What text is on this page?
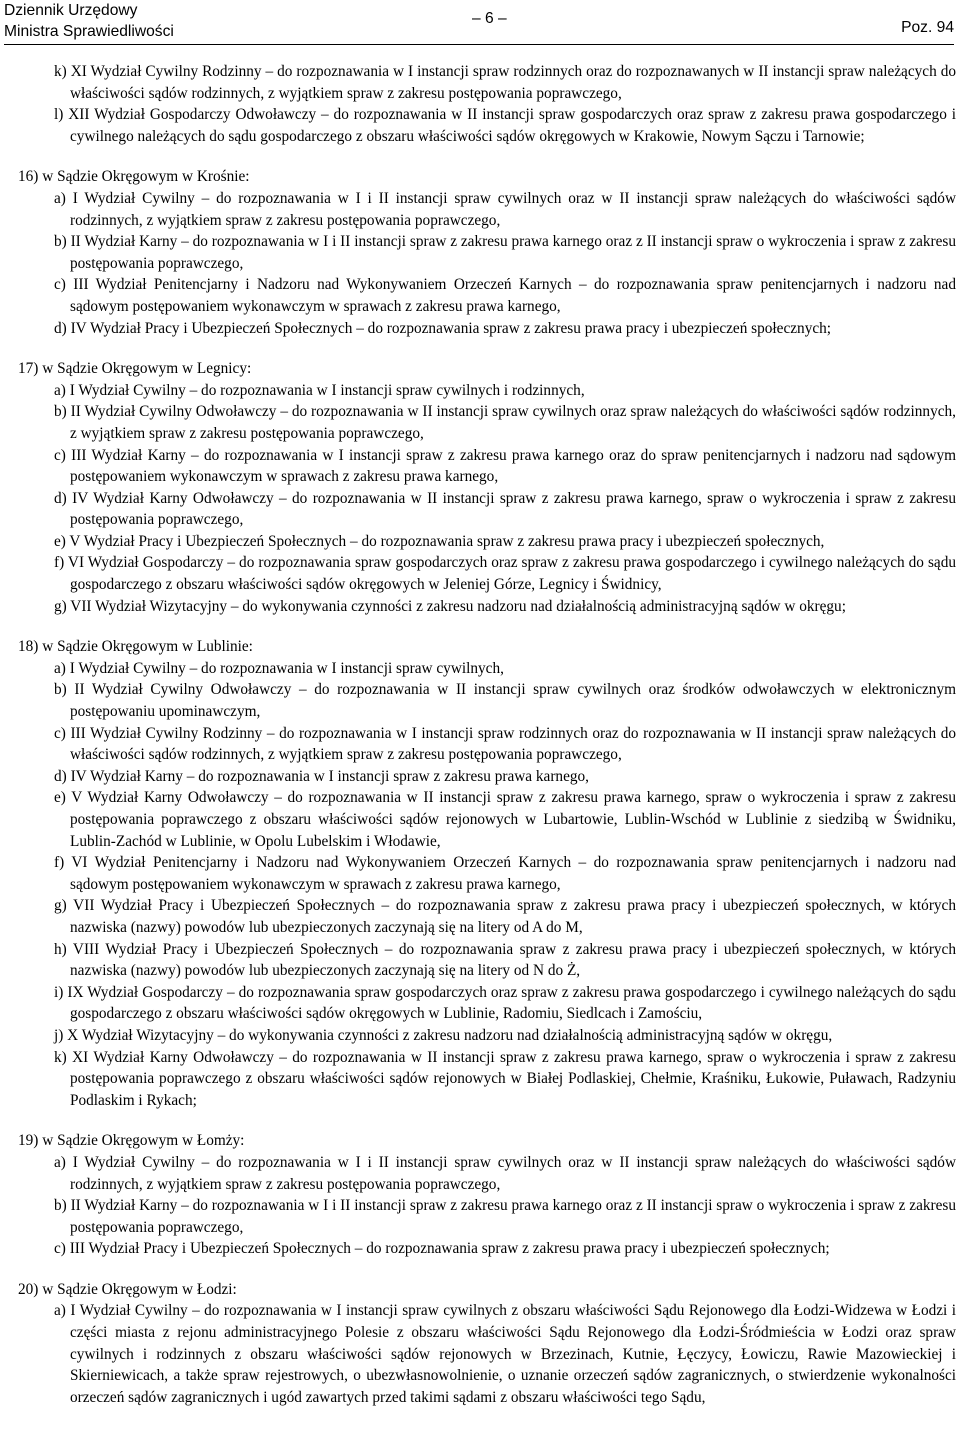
Dziennik Urzędowy
Ministra Sprawiedliwości
– 6 –
Poz. 94

k) XI Wydział Cywilny Rodzinny – do rozpoznawania w I instancji spraw rodzinnych oraz do rozpoznawanych w II instancji spraw należących do właściwości sądów rodzinnych, z wyjątkiem spraw z zakresu postępowania poprawczego,

l) XII Wydział Gospodarczy Odwoławczy – do rozpoznawania w II instancji spraw gospodarczych oraz spraw z zakresu prawa gospodarczego i cywilnego należących do sądu gospodarczego z obszaru właściwości sądów okręgowych w Krakowie, Nowym Sączu i Tarnowie;

16) w Sądzie Okręgowym w Krośnie:

a) I Wydział Cywilny – do rozpoznawania w I i II instancji spraw cywilnych oraz w II instancji spraw należących do właściwości sądów rodzinnych, z wyjątkiem spraw z zakresu postępowania poprawczego,

b) II Wydział Karny – do rozpoznawania w I i II instancji spraw z zakresu prawa karnego oraz z II instancji spraw o wykroczenia i spraw z zakresu postępowania poprawczego,

c) III Wydział Penitencjarny i Nadzoru nad Wykonywaniem Orzeczeń Karnych – do rozpoznawania spraw penitencjarnych i nadzoru nad sądowym postępowaniem wykonawczym w sprawach z zakresu prawa karnego,

d) IV Wydział Pracy i Ubezpieczeń Społecznych – do rozpoznawania spraw z zakresu prawa pracy i ubezpieczeń społecznych;

17) w Sądzie Okręgowym w Legnicy:

a) I Wydział Cywilny – do rozpoznawania w I instancji spraw cywilnych i rodzinnych,

b) II Wydział Cywilny Odwoławczy – do rozpoznawania w II instancji spraw cywilnych oraz spraw należących do właściwości sądów rodzinnych, z wyjątkiem spraw z zakresu postępowania poprawczego,

c) III Wydział Karny – do rozpoznawania w I instancji spraw z zakresu prawa karnego oraz do spraw penitencjarnych i nadzoru nad sądowym postępowaniem wykonawczym w sprawach z zakresu prawa karnego,

d) IV Wydział Karny Odwoławczy – do rozpoznawania w II instancji spraw z zakresu prawa karnego, spraw o wykroczenia i spraw z zakresu postępowania poprawczego,

e) V Wydział Pracy i Ubezpieczeń Społecznych – do rozpoznawania spraw z zakresu prawa pracy i ubezpieczeń społecznych,

f) VI Wydział Gospodarczy – do rozpoznawania spraw gospodarczych oraz spraw z zakresu prawa gospodarczego i cywilnego należących do sądu gospodarczego z obszaru właściwości sądów okręgowych w Jeleniej Górze, Legnicy i Świdnicy,

g) VII Wydział Wizytacyjny – do wykonywania czynności z zakresu nadzoru nad działalnością administracyjną sądów w okręgu;

18) w Sądzie Okręgowym w Lublinie:

a) I Wydział Cywilny – do rozpoznawania w I instancji spraw cywilnych,

b) II Wydział Cywilny Odwoławczy – do rozpoznawania w II instancji spraw cywilnych oraz środków odwoławczych w elektronicznym postępowaniu upominawczym,

c) III Wydział Cywilny Rodzinny – do rozpoznawania w I instancji spraw rodzinnych oraz do rozpoznawania w II instancji spraw należących do właściwości sądów rodzinnych, z wyjątkiem spraw z zakresu postępowania poprawczego,

d) IV Wydział Karny – do rozpoznawania w I instancji spraw z zakresu prawa karnego,

e) V Wydział Karny Odwoławczy – do rozpoznawania w II instancji spraw z zakresu prawa karnego, spraw o wykroczenia i spraw z zakresu postępowania poprawczego z obszaru właściwości sądów rejonowych w Lubartowie, Lublin-Wschód w Lublinie z siedzibą w Świdniku, Lublin-Zachód w Lublinie, w Opolu Lubelskim i Włodawie,

f) VI Wydział Penitencjarny i Nadzoru nad Wykonywaniem Orzeczeń Karnych – do rozpoznawania spraw penitencjarnych i nadzoru nad sądowym postępowaniem wykonawczym w sprawach z zakresu prawa karnego,

g) VII Wydział Pracy i Ubezpieczeń Społecznych – do rozpoznawania spraw z zakresu prawa pracy i ubezpieczeń społecznych, w których nazwiska (nazwy) powodów lub ubezpieczonych zaczynają się na litery od A do M,

h) VIII Wydział Pracy i Ubezpieczeń Społecznych – do rozpoznawania spraw z zakresu prawa pracy i ubezpieczeń społecznych, w których nazwiska (nazwy) powodów lub ubezpieczonych zaczynają się na litery od N do Ż,

i) IX Wydział Gospodarczy – do rozpoznawania spraw gospodarczych oraz spraw z zakresu prawa gospodarczego i cywilnego należących do sądu gospodarczego z obszaru właściwości sądów okręgowych w Lublinie, Radomiu, Siedlcach i Zamościu,

j) X Wydział Wizytacyjny – do wykonywania czynności z zakresu nadzoru nad działalnością administracyjną sądów w okręgu,

k) XI Wydział Karny Odwoławczy – do rozpoznawania w II instancji spraw z zakresu prawa karnego, spraw o wykroczenia i spraw z zakresu postępowania poprawczego z obszaru właściwości sądów rejonowych w Białej Podlaskiej, Chełmie, Kraśniku, Łukowie, Puławach, Radzyniu Podlaskim i Rykach;

19) w Sądzie Okręgowym w Łomży:

a) I Wydział Cywilny – do rozpoznawania w I i II instancji spraw cywilnych oraz w II instancji spraw należących do właściwości sądów rodzinnych, z wyjątkiem spraw z zakresu postępowania poprawczego,

b) II Wydział Karny – do rozpoznawania w I i II instancji spraw z zakresu prawa karnego oraz z II instancji spraw o wykroczenia i spraw z zakresu postępowania poprawczego,

c) III Wydział Pracy i Ubezpieczeń Społecznych – do rozpoznawania spraw z zakresu prawa pracy i ubezpieczeń społecznych;

20) w Sądzie Okręgowym w Łodzi:

a) I Wydział Cywilny – do rozpoznawania w I instancji spraw cywilnych z obszaru właściwości Sądu Rejonowego dla Łodzi-Widzewa w Łodzi i części miasta z rejonu administracyjnego Polesie z obszaru właściwości Sądu Rejonowego dla Łodzi-Śródmieścia w Łodzi oraz spraw cywilnych i rodzinnych z obszaru właściwości sądów rejonowych w Brzezinach, Kutnie, Łęczycy, Łowiczu, Rawie Mazowieckiej i Skierniewicach, a także spraw rejestrowych, o ubezwłasnowolnienie, o uznanie orzeczeń sądów zagranicznych, o stwierdzenie wykonalności orzeczeń sądów zagranicznych i ugód zawartych przed takimi sądami z obszaru właściwości tego Sądu,
